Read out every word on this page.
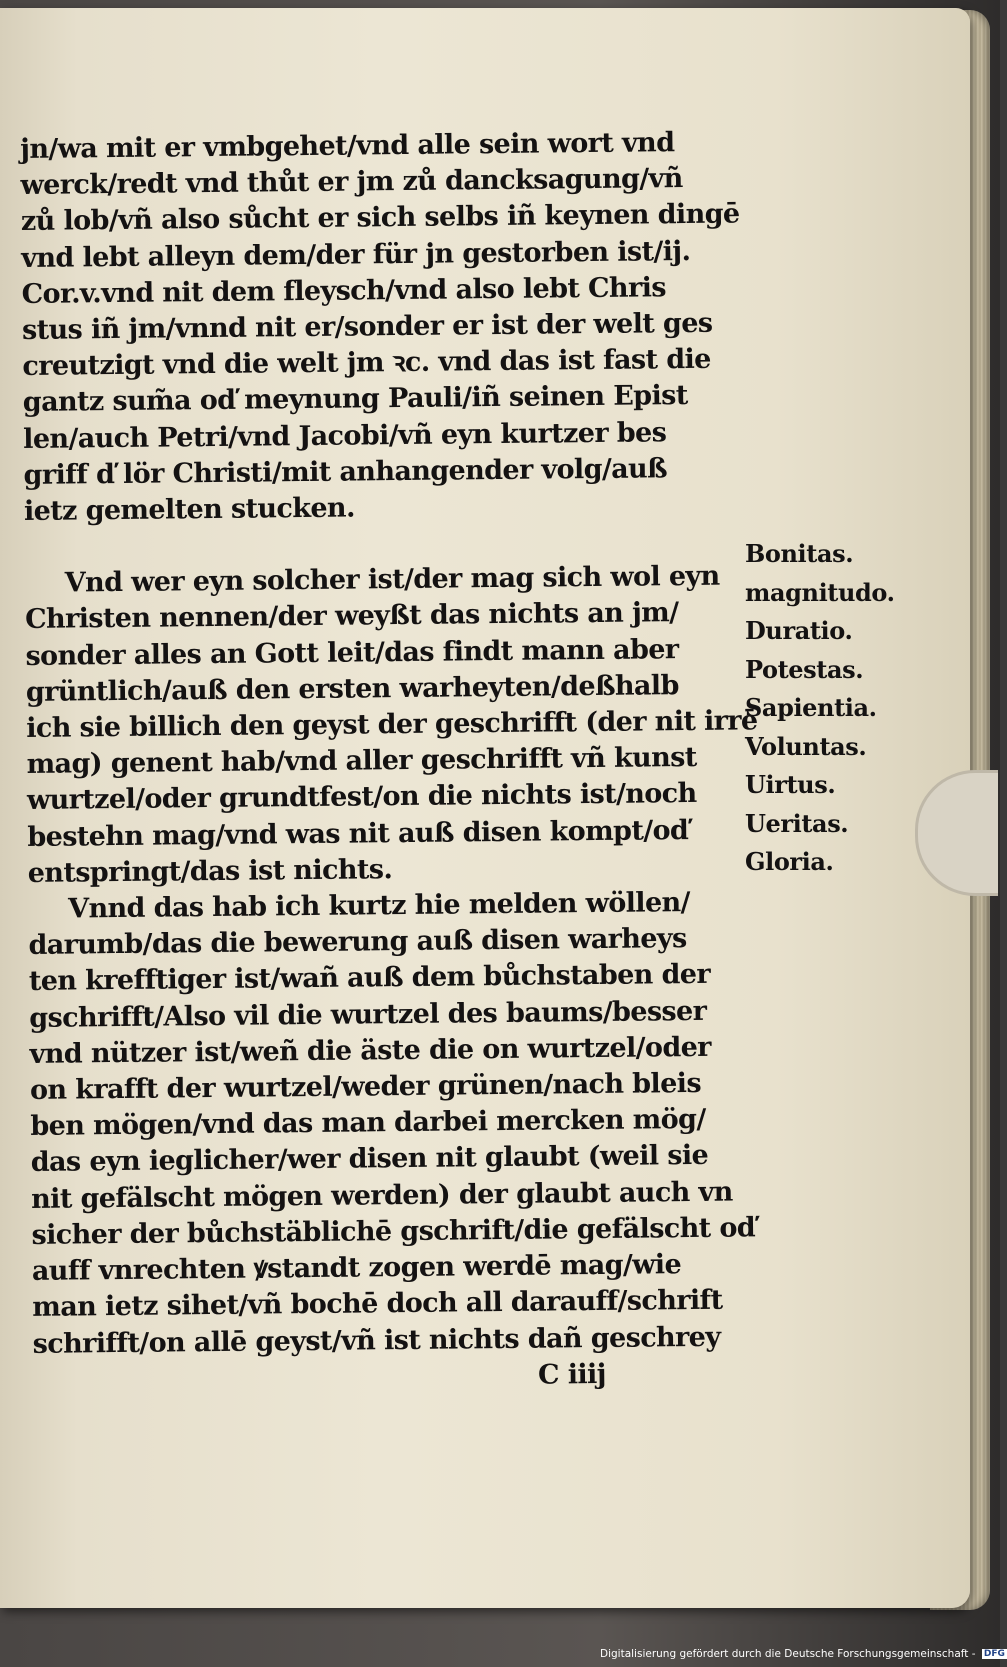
jn/wa mit er vmbgehet/vnd alle sein wort vnd
werck/redt vnd thůt er jm zů dancksagung/vñ
zů lob/vñ also sůcht er sich selbs iñ keynen dingē
vnd lebt alleyn dem/der für jn gestorben ist/ij.
Cor.v.vnd nit dem fleysch/vnd also lebt Chris
stus iñ jm/vnnd nit er/sonder er ist der welt ges
creutzigt vnd die welt jm ꝛc. vnd das ist fast die
gantz sum̃a oď meynung Pauli/iñ seinen Epist
len/auch Petri/vnd Jacobi/vñ eyn kurtzer bes
griff ď lör Christi/mit anhangender volg/auß
ietz gemelten stucken.
Vnd wer eyn solcher ist/der mag sich wol eyn
Christen nennen/der weyßt das nichts an jm/
sonder alles an Gott leit/das findt mann aber
grüntlich/auß den ersten warheyten/deßhalb
ich sie billich den geyst der geschrifft (der nit irrē
mag) genent hab/vnd aller geschrifft vñ kunst
wurtzel/oder grundtfest/on die nichts ist/noch
bestehn mag/vnd was nit auß disen kompt/oď
entspringt/das ist nichts.
Vnnd das hab ich kurtz hie melden wöllen/
darumb/das die bewerung auß disen warheys
ten krefftiger ist/wañ auß dem bůchstaben der
gschrifft/Also vil die wurtzel des baums/besser
vnd nützer ist/weñ die äste die on wurtzel/oder
on krafft der wurtzel/weder grünen/nach bleis
ben mögen/vnd das man darbei mercken mög/
das eyn ieglicher/wer disen nit glaubt (weil sie
nit gefälscht mögen werden) der glaubt auch vn
sicher der bůchstäblichē gschrift/die gefälscht oď
auff vnrechten ꝟstandt zogen werdē mag/wie
man ietz sihet/vñ bochē doch all darauff/schrift
schrifft/on allē geyst/vñ ist nichts dañ geschrey
C iiij
Bonitas.
magnitudo.
Duratio.
Potestas.
Sapientia.
Voluntas.
Uirtus.
Ueritas.
Gloria.
Digitalisierung gefördert durch die Deutsche Forschungsgemeinschaft - DFG
